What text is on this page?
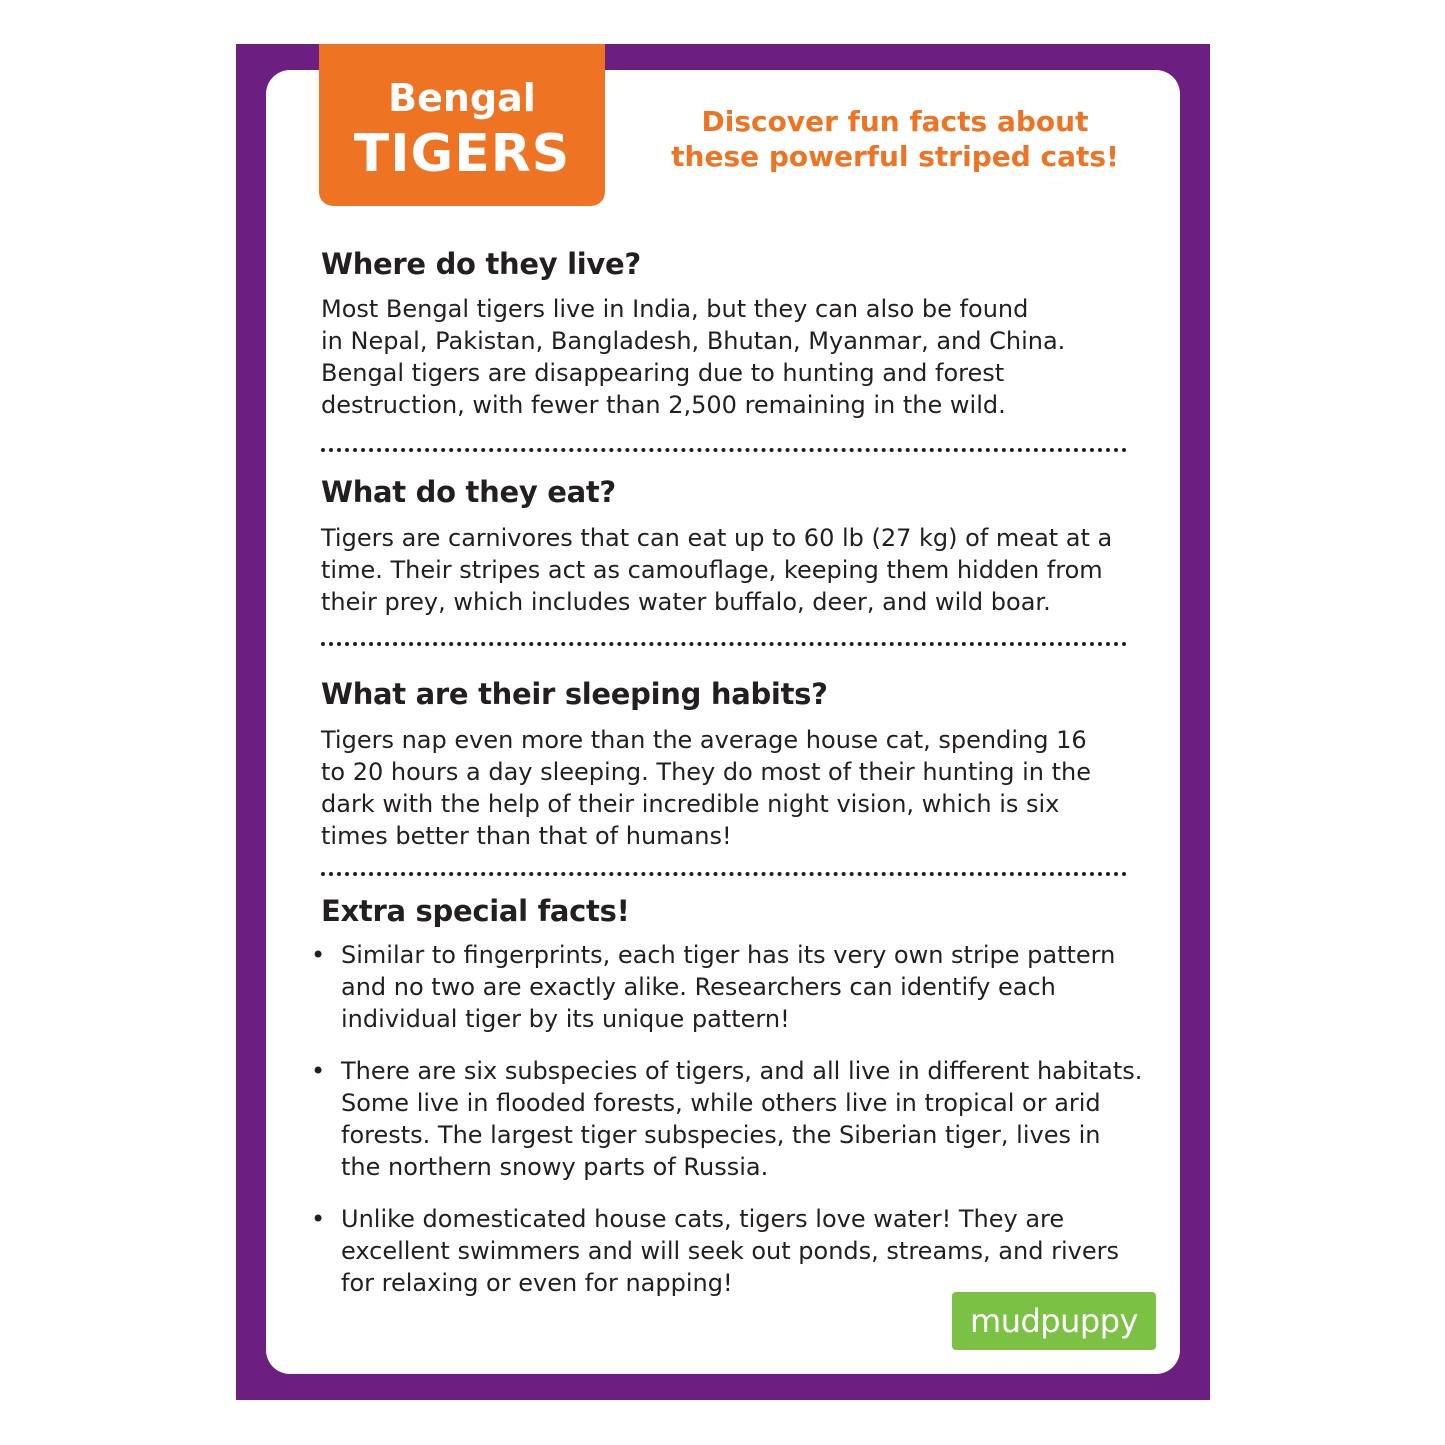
Bengal
TIGERS
Discover fun facts about
these powerful striped cats!
Where do they live?
Most Bengal tigers live in India, but they can also be found
in Nepal, Pakistan, Bangladesh, Bhutan, Myanmar, and China.
Bengal tigers are disappearing due to hunting and forest
destruction, with fewer than 2,500 remaining in the wild.
What do they eat?
Tigers are carnivores that can eat up to 60 lb (27 kg) of meat at a
time. Their stripes act as camouflage, keeping them hidden from
their prey, which includes water buffalo, deer, and wild boar.
What are their sleeping habits?
Tigers nap even more than the average house cat, spending 16
to 20 hours a day sleeping. They do most of their hunting in the
dark with the help of their incredible night vision, which is six
times better than that of humans!
Extra special facts!
• Similar to fingerprints, each tiger has its very own stripe pattern
and no two are exactly alike. Researchers can identify each
individual tiger by its unique pattern!
• There are six subspecies of tigers, and all live in different habitats.
Some live in flooded forests, while others live in tropical or arid
forests. The largest tiger subspecies, the Siberian tiger, lives in
the northern snowy parts of Russia.
• Unlike domesticated house cats, tigers love water! They are
excellent swimmers and will seek out ponds, streams, and rivers
for relaxing or even for napping!
mudpuppy
